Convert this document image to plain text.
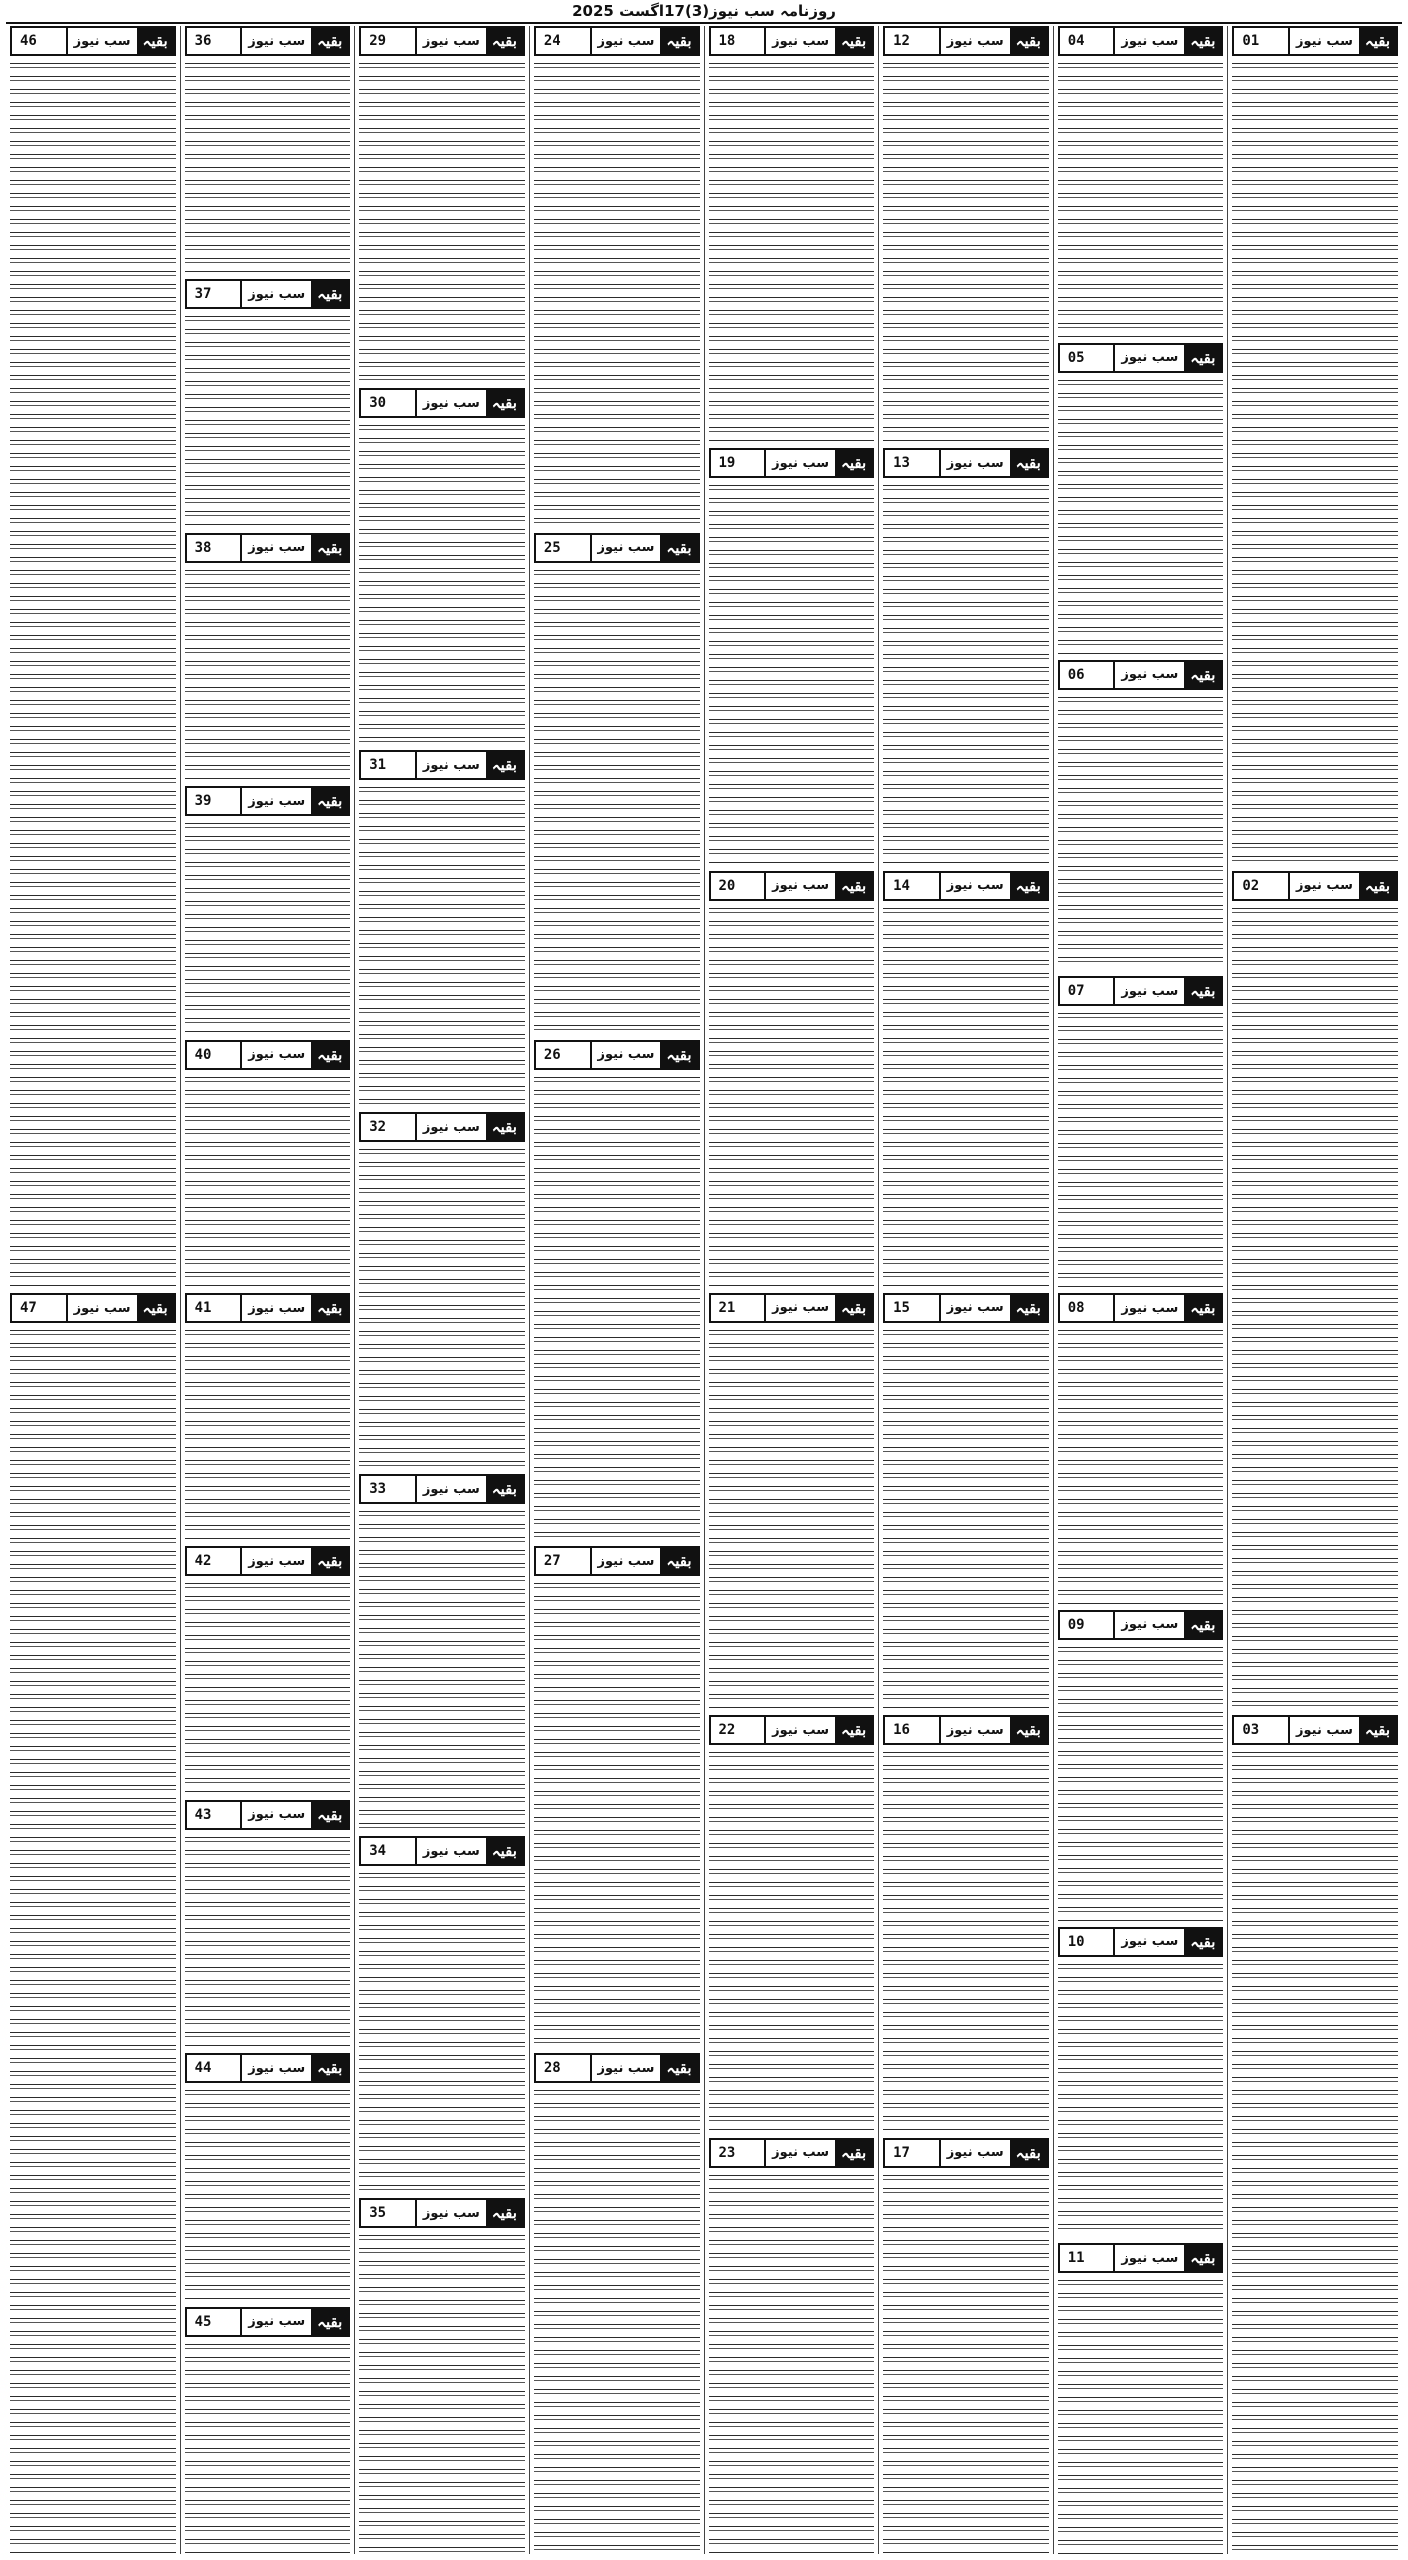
روزنامہ سب نیوز(3)17اگست 2025
بقیہ
سب نیوز
01
بقیہ
سب نیوز
02
بقیہ
سب نیوز
03
بقیہ
سب نیوز
04
بقیہ
سب نیوز
05
بقیہ
سب نیوز
06
بقیہ
سب نیوز
07
بقیہ
سب نیوز
08
بقیہ
سب نیوز
09
بقیہ
سب نیوز
10
بقیہ
سب نیوز
11
بقیہ
سب نیوز
12
بقیہ
سب نیوز
13
بقیہ
سب نیوز
14
بقیہ
سب نیوز
15
بقیہ
سب نیوز
16
بقیہ
سب نیوز
17
بقیہ
سب نیوز
18
بقیہ
سب نیوز
19
بقیہ
سب نیوز
20
بقیہ
سب نیوز
21
بقیہ
سب نیوز
22
بقیہ
سب نیوز
23
بقیہ
سب نیوز
24
بقیہ
سب نیوز
25
بقیہ
سب نیوز
26
بقیہ
سب نیوز
27
بقیہ
سب نیوز
28
بقیہ
سب نیوز
29
بقیہ
سب نیوز
30
بقیہ
سب نیوز
31
بقیہ
سب نیوز
32
بقیہ
سب نیوز
33
بقیہ
سب نیوز
34
بقیہ
سب نیوز
35
بقیہ
سب نیوز
36
بقیہ
سب نیوز
37
بقیہ
سب نیوز
38
بقیہ
سب نیوز
39
بقیہ
سب نیوز
40
بقیہ
سب نیوز
41
بقیہ
سب نیوز
42
بقیہ
سب نیوز
43
بقیہ
سب نیوز
44
بقیہ
سب نیوز
45
بقیہ
سب نیوز
46
بقیہ
سب نیوز
47
